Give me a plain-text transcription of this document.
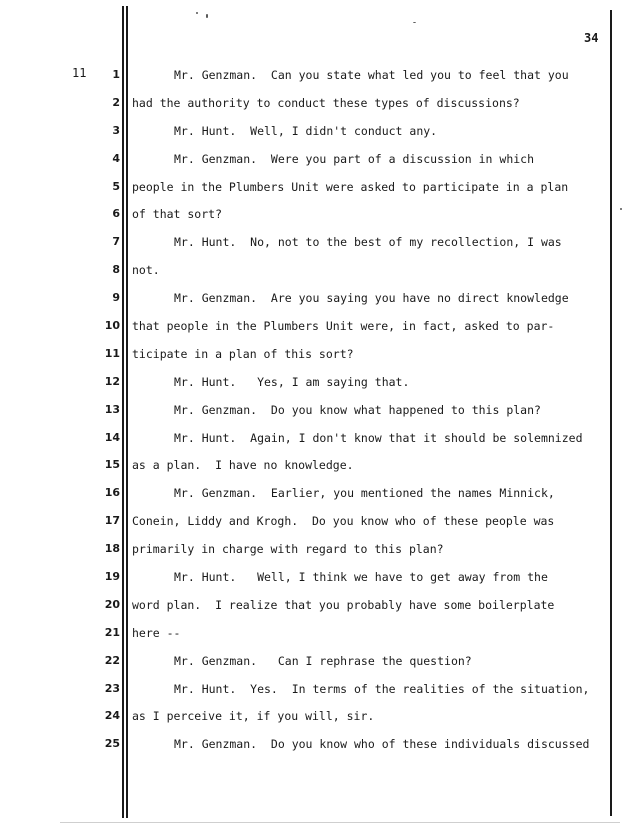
34
11	1
2
3
4
5
6
7
8
9
10
11
12
13
14
15
16
17
18
19
20
21
22
23
24
25
Mr. Genzman.  Can you state what led you to feel that you
had the authority to conduct these types of discussions?
Mr. Hunt.  Well, I didn't conduct any.
Mr. Genzman.  Were you part of a discussion in which
people in the Plumbers Unit were asked to participate in a plan
of that sort?
Mr. Hunt.  No, not to the best of my recollection, I was
not.
Mr. Genzman.  Are you saying you have no direct knowledge
that people in the Plumbers Unit were, in fact, asked to par-
ticipate in a plan of this sort?
Mr. Hunt.   Yes, I am saying that.
Mr. Genzman.  Do you know what happened to this plan?
Mr. Hunt.  Again, I don't know that it should be solemnized
as a plan.  I have no knowledge.
Mr. Genzman.  Earlier, you mentioned the names Minnick,
Conein, Liddy and Krogh.  Do you know who of these people was
primarily in charge with regard to this plan?
Mr. Hunt.   Well, I think we have to get away from the
word plan.  I realize that you probably have some boilerplate
here --
Mr. Genzman.   Can I rephrase the question?
Mr. Hunt.  Yes.  In terms of the realities of the situation,
as I perceive it, if you will, sir.
Mr. Genzman.  Do you know who of these individuals discussed
